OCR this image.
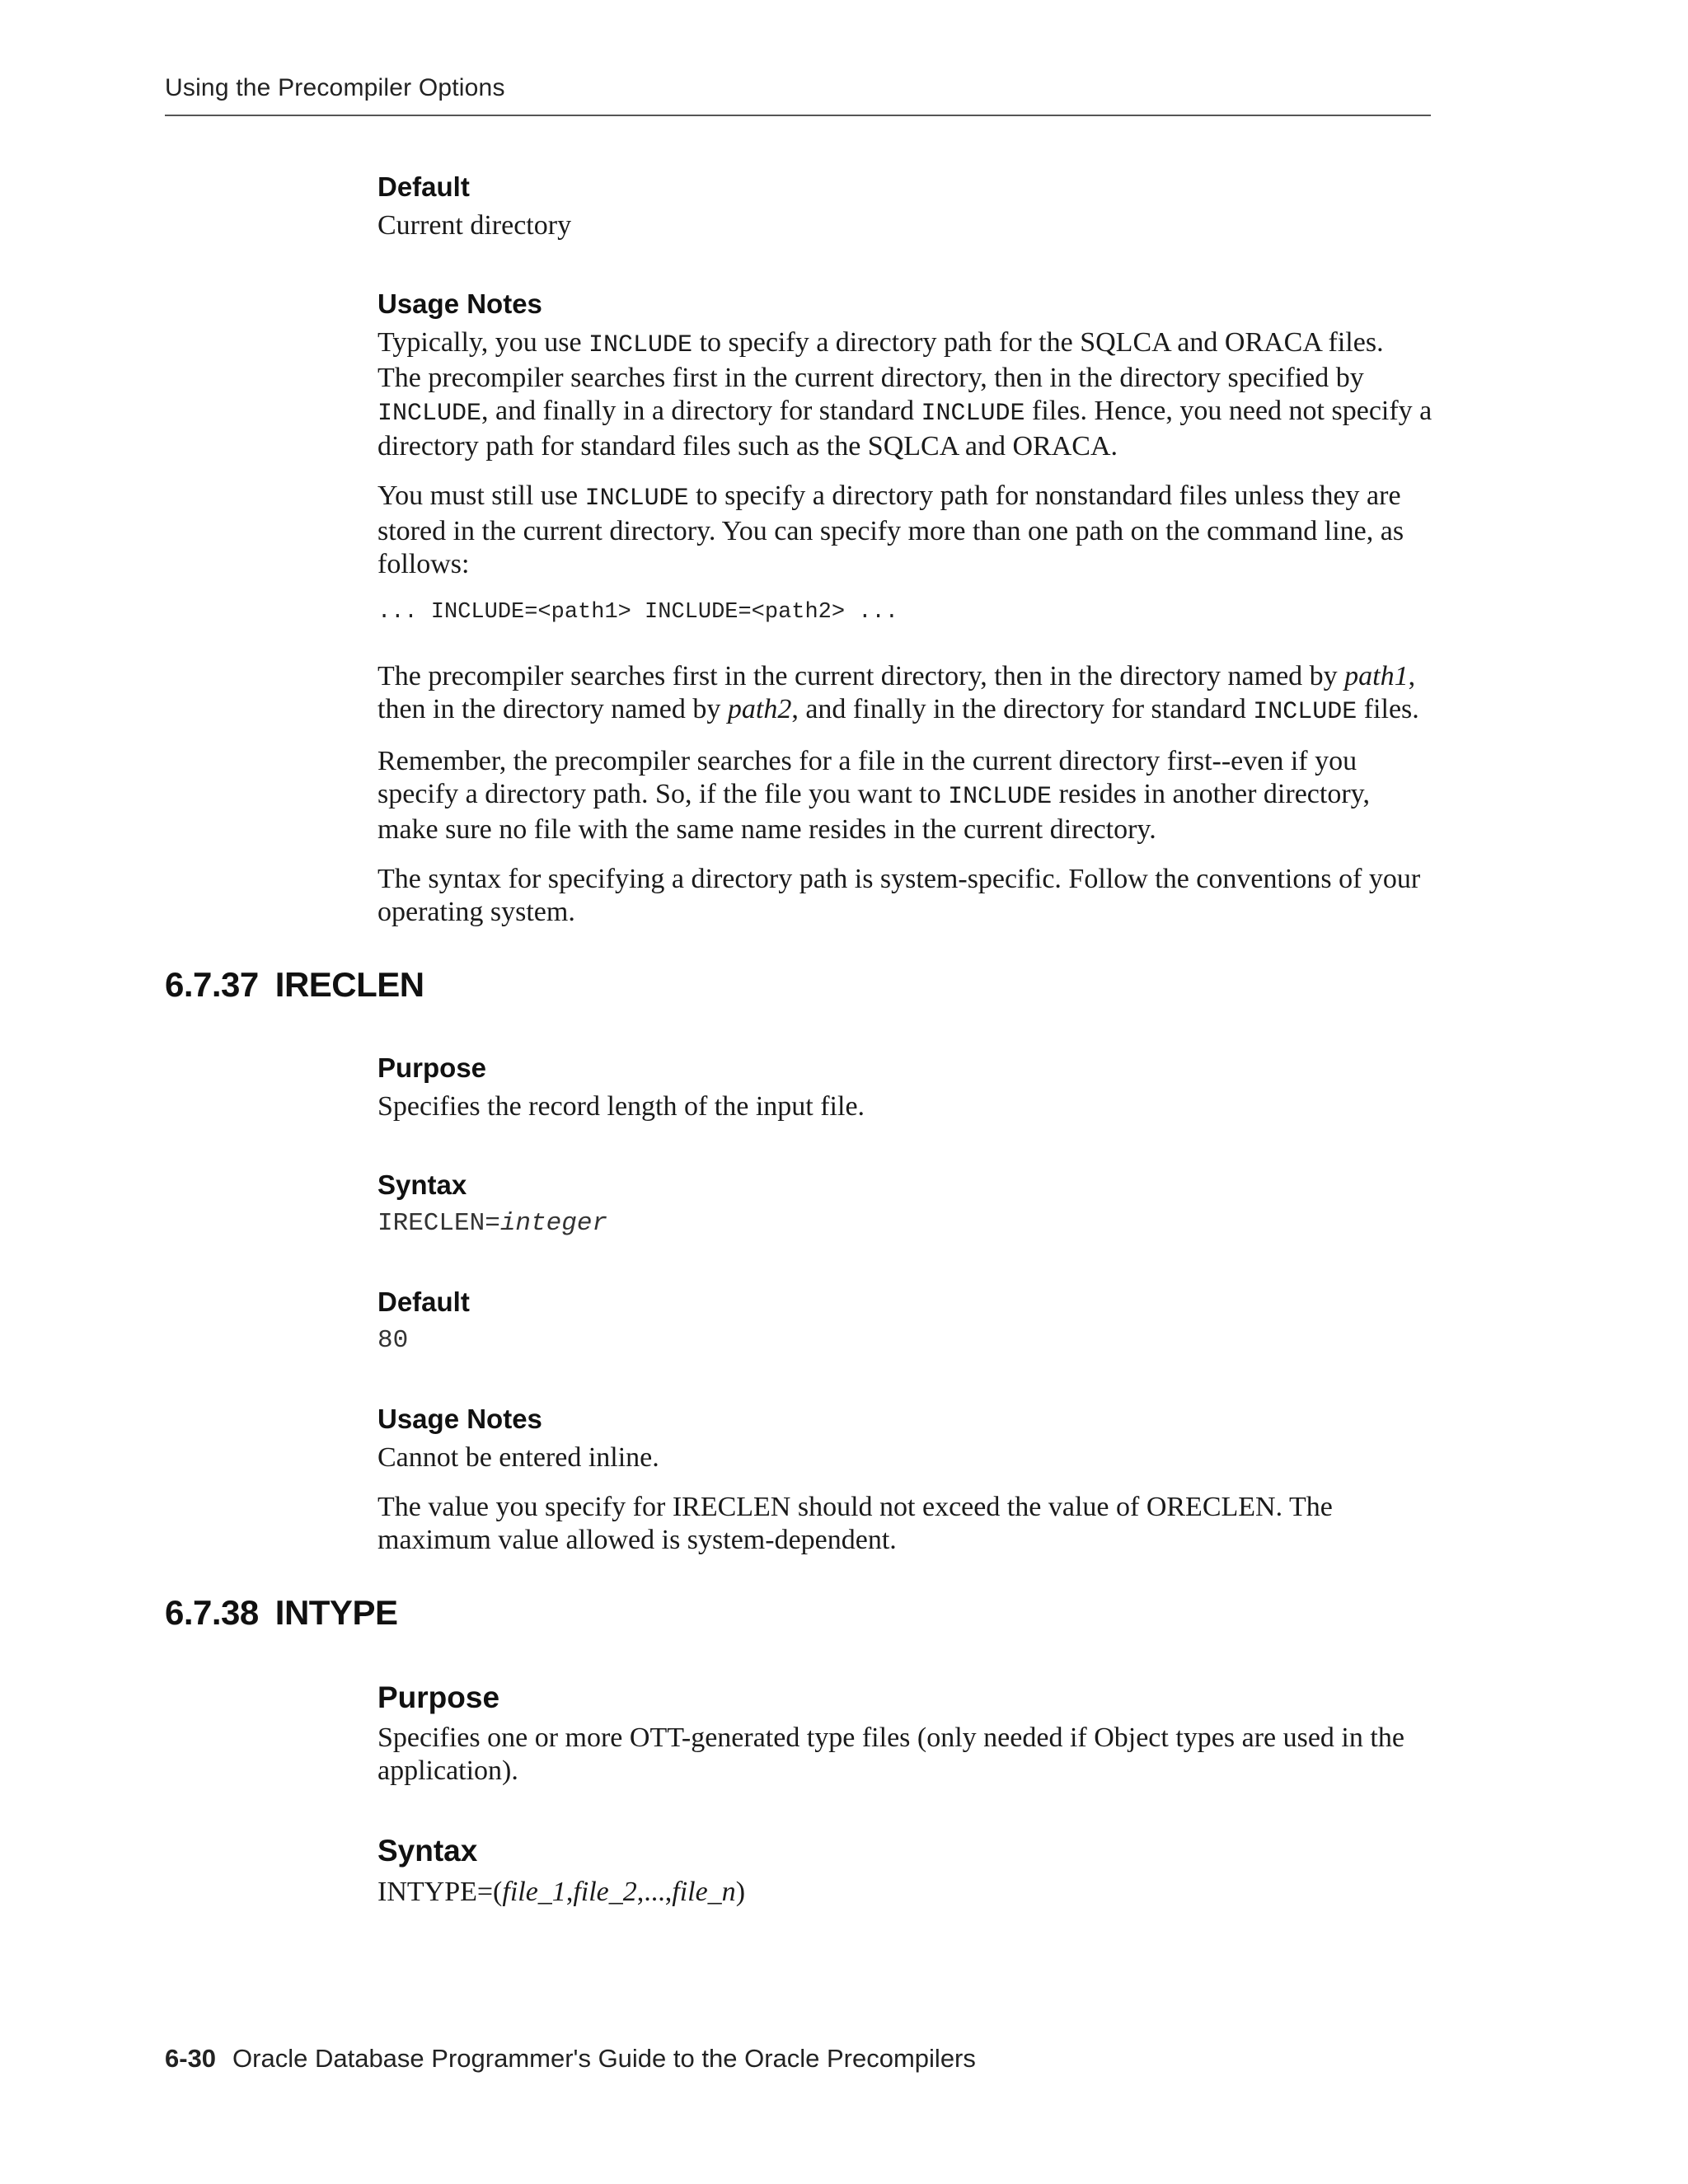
Using the Precompiler Options
Default

Current directory

Usage Notes

Typically, you use INCLUDE to specify a directory path for the SQLCA and ORACA files. The precompiler searches first in the current directory, then in the directory specified by INCLUDE, and finally in a directory for standard INCLUDE files. Hence, you need not specify a directory path for standard files such as the SQLCA and ORACA.

You must still use INCLUDE to specify a directory path for nonstandard files unless they are stored in the current directory. You can specify more than one path on the command line, as follows:

... INCLUDE=<path1> INCLUDE=<path2> ...

The precompiler searches first in the current directory, then in the directory named by path1, then in the directory named by path2, and finally in the directory for standard INCLUDE files.

Remember, the precompiler searches for a file in the current directory first--even if you specify a directory path. So, if the file you want to INCLUDE resides in another directory, make sure no file with the same name resides in the current directory.

The syntax for specifying a directory path is system-specific. Follow the conventions of your operating system.

6.7.37 IRECLEN
Purpose

Specifies the record length of the input file.

Syntax

IRECLEN=integer

Default

80

Usage Notes

Cannot be entered inline.

The value you specify for IRECLEN should not exceed the value of ORECLEN. The maximum value allowed is system-dependent.

6.7.38 INTYPE
Purpose

Specifies one or more OTT-generated type files (only needed if Object types are used in the application).

Syntax

INTYPE=(file_1,file_2,...,file_n)

6-30 Oracle Database Programmer's Guide to the Oracle Precompilers
